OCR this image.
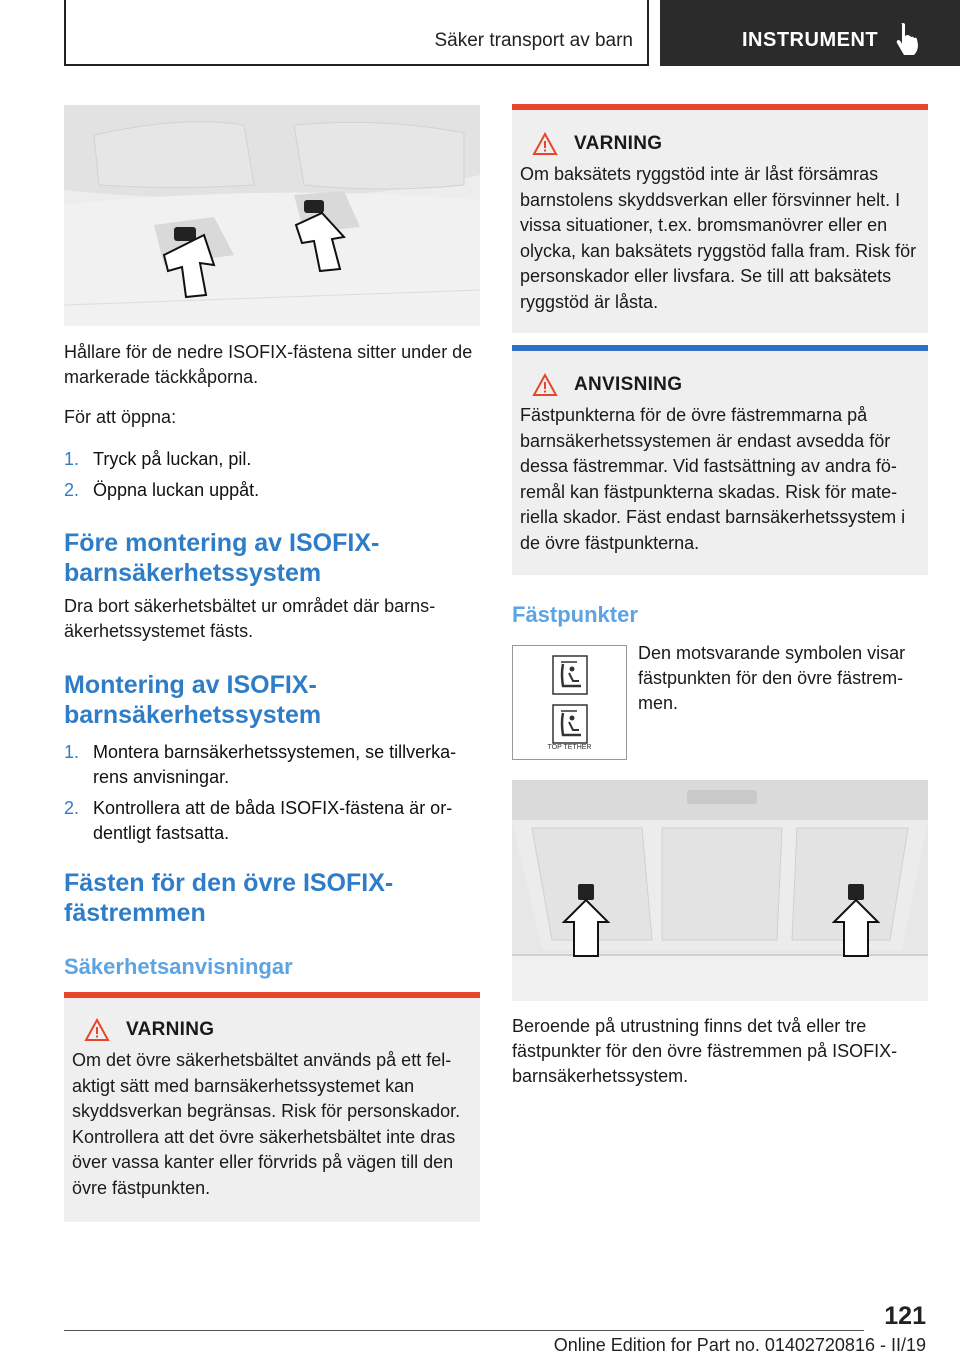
Säker transport av barn	INSTRUMENT

Hållare för de nedre ISOFIX-fästena sitter under de markerade täckkåporna.

För att öppna:

1. Tryck på luckan, pil.
2. Öppna luckan uppåt.
Före montering av ISOFIX-
barnsäkerhetssystem

Dra bort säkerhetsbältet ur området där barnsäkerhetssystemet fästs.

Montering av ISOFIX-
barnsäkerhetssystem
1. Montera barnsäkerhetssystemen, se tillverkarens anvisningar.
2. Kontrollera att de båda ISOFIX-fästena är ordentligt fastsatta.
Fästen för den övre ISOFIX-
fästremmen
Säkerhetsanvisningar
VARNING

Om det övre säkerhetsbältet används på ett felaktigt sätt med barnsäkerhetssystemet kan skyddsverkan begränsas. Risk för personskador. Kontrollera att det övre säkerhetsbältet inte dras över vassa kanter eller förvrids på vägen till den övre fästpunkten.

VARNING

Om baksätets ryggstöd inte är låst försämras barnstolens skyddsverkan eller försvinner helt. I vissa situationer, t.ex. bromsmanövrer eller en olycka, kan baksätets ryggstöd falla fram. Risk för personskador eller livsfara. Se till att baksätets ryggstöd är låsta.

ANVISNING

Fästpunkterna för de övre fästremmarna på barnsäkerhetssystemen är endast avsedda för dessa fästremmar. Vid fastsättning av andra föremål kan fästpunkterna skadas. Risk för materiella skador. Fäst endast barnsäkerhetssystem i de övre fästpunkterna.

Fästpunkter
TOP TETHER

Den motsvarande symbolen visar fästpunkten för den övre fästremmen.

Beroende på utrustning finns det två eller tre fästpunkter för den övre fästremmen på ISOFIX-barnsäkerhetssystem.

121
Online Edition for Part no. 01402720816 - II/19
